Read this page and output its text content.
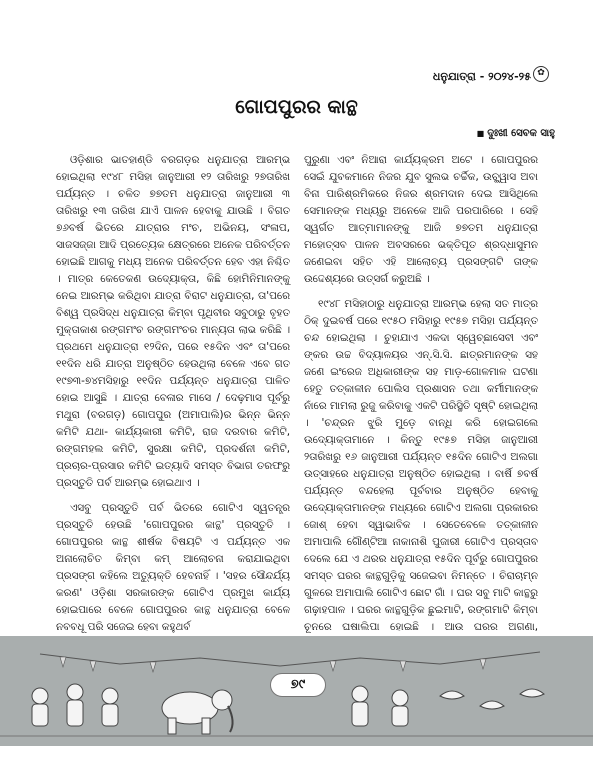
ଧନୁଯାତ୍ରା - ୨୦୨୪-୨୫ ✿
ଗୋପପୁରର କାନ୍ଥ
■ ଦୁଃଖୀ ସେବକ ସାହୁ

ଓଡ଼ିଶାର ଭାତହାଣ୍ଡି ବରଗଡ଼ର ଧନୁଯାତ୍ରା ଆରମ୍ଭ ହୋଇଥିଲା ୧୯୪୮ ମସିହା ଜାନୁଆରୀ ୧୨ ତାରିଖରୁ ୨୭ତାରିଖ ପର୍ଯ୍ୟନ୍ତ । ଚଳିତ ୭୭ତମ ଧନୁଯାତ୍ରା ଜାନୁଆରୀ ୩ ତାରିଖରୁ ୧୩ ତାରିଖ ଯାଏଁ ପାଳନ ହେବାକୁ ଯାଉଛି । ବିଗତ ୭୬ବର୍ଷ ଭିତରେ ଯାତ୍ରାର ମଂଚ, ଅଭିନୟ, ସଂଳାପ, ସାଜସଜ୍ଜା ଆଦି ପ୍ରତ୍ୟେକ କ୍ଷେତ୍ରରେ ଅନେକ ପରିବର୍ତ୍ତନ ହୋଇଛି ଆଗକୁ ମଧ୍ୟ ଅନେକ ପରିବର୍ତ୍ତନ ହେବ ଏହା ନିଶ୍ଚିତ । ମାତ୍ର କେତେକଣ ଉଦ୍ୟୋକ୍ତା, କିଛି ହୋମିନିମାନଙ୍କୁ ନେଇ ଆରମ୍ଭ କରିଥିବା ଯାତ୍ରା ବିରାଟ ଧନୁଯାତ୍ରା, ତା'ପରେ ବିଶ୍ୱ ପ୍ରସିଦ୍ଧ ଧନୁଯାତ୍ରା କିମ୍ବା ପୃଥିବୀର ସବୁଠାରୁ ବୃହତ ମୁକ୍ତାକାଶ ରଙ୍ଗମଂଚ ରଙ୍ଗମଂଚର ମାନ୍ୟତା ଲାଭ କରିଛି । ପ୍ରଥମେ ଧନୁଯାତ୍ରା ୧୨ଦିନ, ପରେ ୧୫ଦିନ ଏବଂ ତା'ପରେ ୧୧ଦିନ ଧରି ଯାତ୍ରା ଅନୁଷ୍ଠିତ ହେଉଥିଲା ବେଳେ ଏବେ ଗତ ୧୯୭୩-୭୪ମସିହାରୁ ୧୧ଦିନ ପର୍ଯ୍ୟନ୍ତ ଧନୁଯାତ୍ରା ପାଳିତ ହୋଇ ଆସୁଛି । ଯାତ୍ରା ବେଳାର ମାସେ / ଦେଢ଼ମାସ ପୂର୍ବରୁ ମଥୁରା (ବରଗଡ଼) ଗୋପପୁର (ଅମାପାଲି)ର ଭିନ୍ନ ଭିନ୍ନ କମିଟି ଯଥା- କାର୍ଯ୍ୟକାରୀ କମିଟି, ରାଜ ଦରବାର କମିଟି, ରଙ୍ଗମହଲ କମିଟି, ସୁରକ୍ଷା କମିଟି, ପ୍ରଦର୍ଶନୀ କମିଟି, ପ୍ରଚାର-ପ୍ରସାର କମିଟି ଇତ୍ୟାଦି ସମସ୍ତ ବିଭାଗ ତରଫରୁ ପ୍ରସ୍ତୁତି ପର୍ବ ଆରମ୍ଭ ହୋଇଥାଏ ।

ଏସବୁ ପ୍ରସ୍ତୁତି ପର୍ବ ଭିତରେ ଗୋଟିଏ ସ୍ୱତନ୍ତ୍ର ପ୍ରସ୍ତୁତି ହେଉଛି 'ଗୋପପୁରର କାନ୍ଥ' ପ୍ରସ୍ତୁତି । ଗୋପପୁରର କାନ୍ଥ ଶୀର୍ଷକ ବିଷୟଟି ଏ ପର୍ଯ୍ୟନ୍ତ ଏକ ଅନାଲୋଚିତ କିମ୍ବା କମ୍ ଆଲୋଚନା କରାଯାଇଥିବା ପ୍ରସଙ୍ଗ କହିଲେ ଅତ୍ୟୁକ୍ତି ହେବନାହିଁ । 'ସହର ସୌନ୍ଦର୍ଯ୍ୟ କରଣ' ଓଡ଼ିଶା ସରକାରଙ୍କ ଗୋଟିଏ ପ୍ରମୁଖ କାର୍ଯ୍ୟ ହୋଇପାରେ ବେଳେ ଗୋପପୁରର କାନ୍ଥ ଧନୁଯାତ୍ରା ବେଳେ ନବବଧୂ ପରି ସଜେଇ ହେବା କହୁଥର୍ବ

ପୁରୁଣା ଏବଂ ନିଆରା କାର୍ଯ୍ୟକ୍ରମ ଅଟେ । ଗୋପପୁରର ସେଇଁ ଯୁବକମାନେ ନିଜର ଯୁବ ସୁଲଭ ଚର୍ଚ୍ଚିକ, ଉଚ୍ଛ୍ୱାସ ଅବା ବିନା ପାରିଶ୍ରମିକରେ ନିଜର ଶ୍ରମଦାନ ଦେଇ ଆସିଥିଲେ ସେମାନଙ୍କ ମଧ୍ୟରୁ ଅନେକେ ଆଜି ପରପାରିରେ । ସେହି ସ୍ୱର୍ଗତ ଆତ୍ମାମାନଙ୍କୁ ଆଜି ୭୭ତମ ଧନୁଯାତ୍ରା ମହୋତ୍ସବ ପାଳନ ଅବସରରେ ଭକ୍ତିପୂତ ଶ୍ରଦ୍ଧାସୁମନ ଜଣେଇବା ସହିତ ଏହି ଆଲୋଚ୍ୟ ପ୍ରସଙ୍ଗଟି ତାଙ୍କ ଉଦ୍ଦେଶ୍ୟରେ ଉତ୍ସର୍ଗ କରୁଅଛି ।

୧୯୪୮ ମସିହାଠାରୁ ଧନୁଯାତ୍ରା ଆରମ୍ଭ ହେଲା ସତ ମାତ୍ର ଠିକ୍ ଦୁଇବର୍ଷ ପରେ ୧୯୫୦ ମସିହାରୁ ୧୯୫୭ ମସିହା ପର୍ଯ୍ୟନ୍ତ ଚନ୍ଦ ହୋଇଥିଲା । ଚୁହାଯାଏ ଏକଦା ସ୍ୱେଚ୍ଛାସେବୀ ଏବଂ ଙ୍କର ଉଚ୍ଚ ବିଦ୍ୟାଳୟର ଏନ୍.ସି.ସି. ଛାତ୍ରମାନଙ୍କ ସହ ଜଣେ ଇଂରେଜ ଅଧିକାରୀଙ୍କ ସହ ମାଡ଼-ଗୋଳମାଳ ଘଟଣା ହେତୁ ତତ୍କାଳୀନ ପୋଲିସ ପ୍ରଶାସନ ତଥା କର୍ମୀମାନଙ୍କ ନାଁରେ ମାମଲା ରୁଜୁ କରିବାକୁ ଏକଟି ପରିସ୍ଥିତି ସୃଷ୍ଟି ହୋଇଥିଲା । 'ଚନ୍ଦ୍ରନ ଝୁରି ମୁଡ଼େ ବାନ୍ଧି କରି ହୋଇଗଲେ ଉଦ୍ୟୋକ୍ତାମାନେ । କିନ୍ତୁ ୧୯୫୭ ମସିହା ଜାନୁଆରୀ ୨ତାରିଖରୁ ୧୬ ଜାନୁଆରୀ ପର୍ଯ୍ୟନ୍ତ ୧୫ଦିନ ଗୋଟିଏ ଅଲଗା ଉତ୍ସାହରେ ଧନୁଯାତ୍ରା ଅନୁଷ୍ଠିତ ହୋଇଥିଲା । ବାର୍ଷି ୭ବର୍ଷ ପର୍ଯ୍ୟନ୍ତ ବନ୍ଦହେଲା ପୂର୍ବବାର ଅନୁଷ୍ଠିତ ହେବାକୁ ଉଦ୍ୟୋକ୍ତାମାନଙ୍କ ମଧ୍ୟରେ ଗୋଟିଏ ଅଲଗା ପ୍ରକାରର ଜୋଶ୍ ହେବା ସ୍ୱାଭାବିକ । ସେତେବେଳେ ତତ୍କାଳୀନ ଅମାପାଲି ଗୌଣ୍ଟିଆ ନାକାନାଶି ପୁଜାରୀ ଗୋଟିଏ ପ୍ରସ୍ତାବ ଦେଲେ ଯେ ଏ ଥରର ଧନୁଯାତ୍ରା ୧୫ଦିନ ପୂର୍ବରୁ ଗୋପପୁରର ସମସ୍ତ ଘରର କାନ୍ଥଗୁଡ଼ିକୁ ସଜେଇବା ନିମନ୍ତେ । ଚିରାଚାମ୍ନ ଗୁଳରେ ଅମାପାଲି ଗୋଟିଏ ଛୋଟ ଗାଁ । ଘର ସବୁ ମାଟି କାନ୍ଥରୁ ଗଢ଼ାହପାଳ । ଘରର କାନ୍ଥଗୁଡ଼ିକ ଛୁଇମାଟି, ରଙ୍ଗମାଟି କିମ୍ବା ଚୂନରେ ଘଷାଲିପା ହୋଇଛି । ଆଉ ଘରର ଅଗଣା,

୭୯
